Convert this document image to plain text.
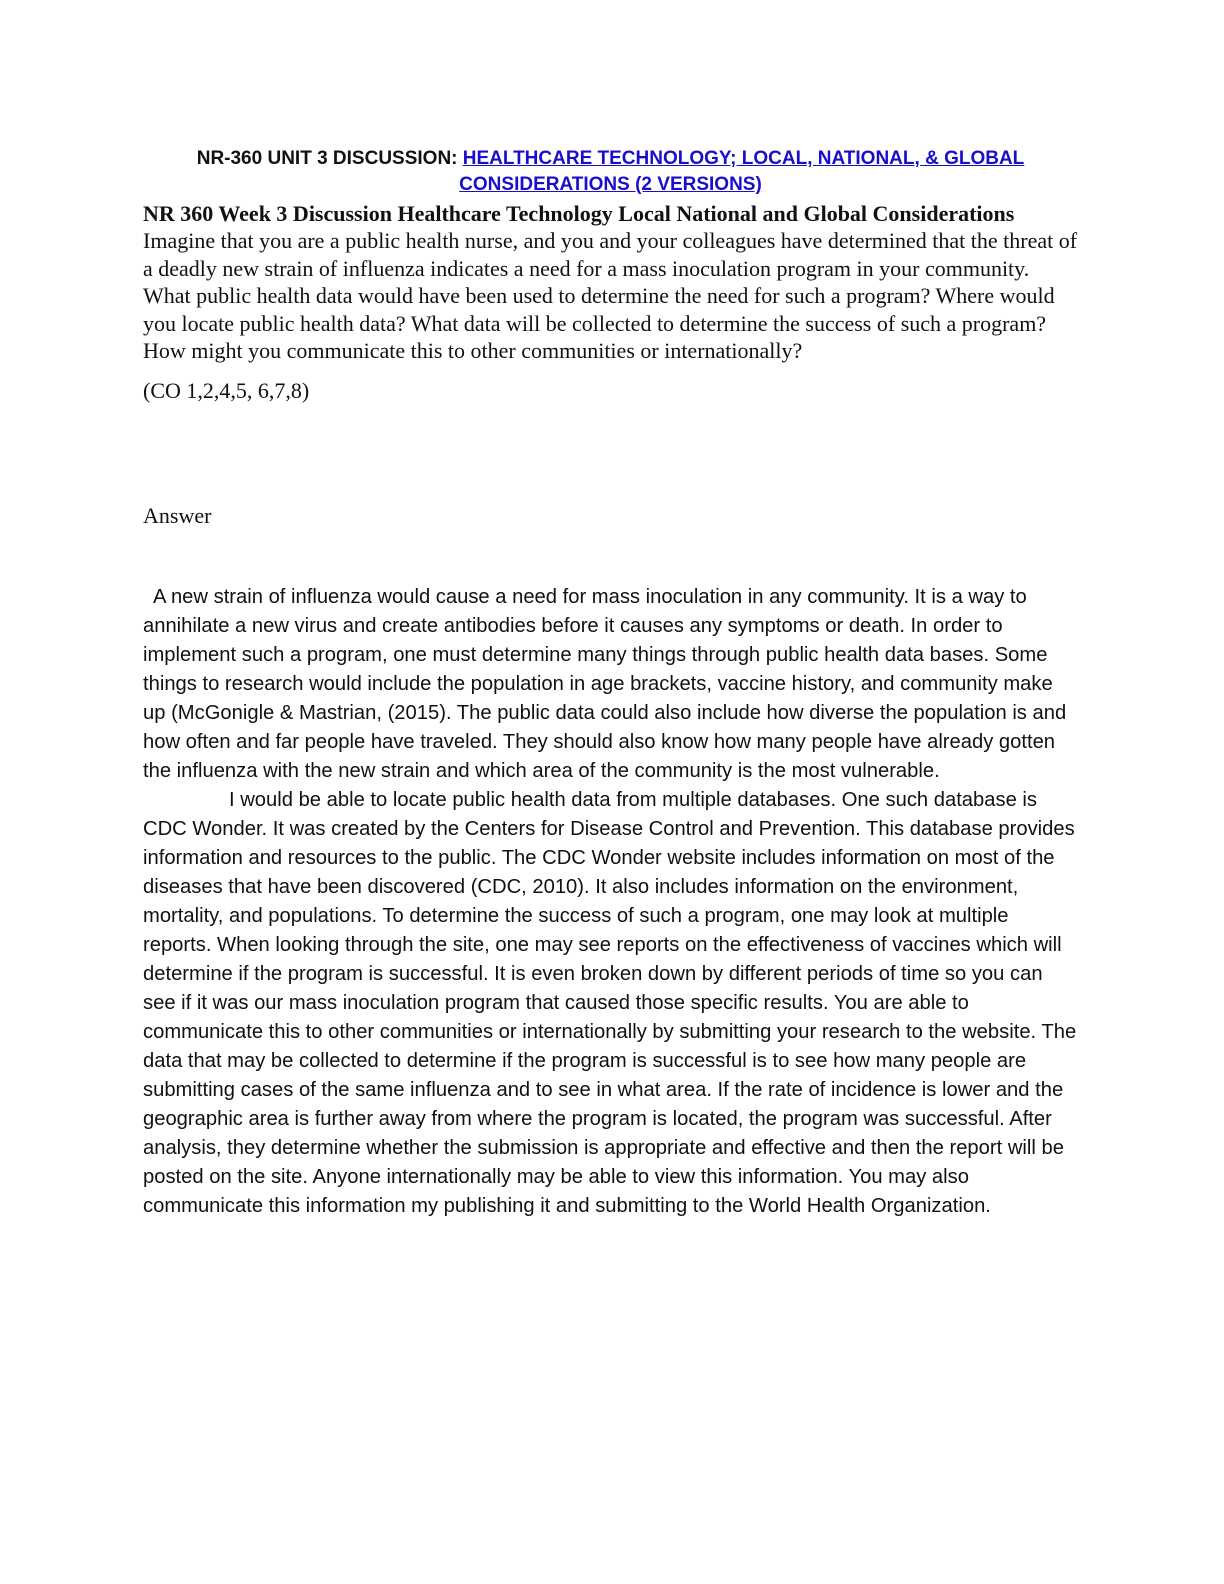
NR-360 UNIT 3 DISCUSSION: HEALTHCARE TECHNOLOGY; LOCAL, NATIONAL, & GLOBAL CONSIDERATIONS (2 VERSIONS)

NR 360 Week 3 Discussion Healthcare Technology Local National and Global Considerations

Imagine that you are a public health nurse, and you and your colleagues have determined that the threat of a deadly new strain of influenza indicates a need for a mass inoculation program in your community. What public health data would have been used to determine the need for such a program? Where would you locate public health data? What data will be collected to determine the success of such a program? How might you communicate this to other communities or internationally?

(CO 1,2,4,5, 6,7,8)

Answer

A new strain of influenza would cause a need for mass inoculation in any community. It is a way to annihilate a new virus and create antibodies before it causes any symptoms or death. In order to implement such a program, one must determine many things through public health data bases. Some things to research would include the population in age brackets, vaccine history, and community make up (McGonigle & Mastrian, (2015). The public data could also include how diverse the population is and how often and far people have traveled. They should also know how many people have already gotten the influenza with the new strain and which area of the community is the most vulnerable.

I would be able to locate public health data from multiple databases. One such database is CDC Wonder. It was created by the Centers for Disease Control and Prevention. This database provides information and resources to the public. The CDC Wonder website includes information on most of the diseases that have been discovered (CDC, 2010). It also includes information on the environment, mortality, and populations. To determine the success of such a program, one may look at multiple reports. When looking through the site, one may see reports on the effectiveness of vaccines which will determine if the program is successful. It is even broken down by different periods of time so you can see if it was our mass inoculation program that caused those specific results. You are able to communicate this to other communities or internationally by submitting your research to the website. The data that may be collected to determine if the program is successful is to see how many people are submitting cases of the same influenza and to see in what area. If the rate of incidence is lower and the geographic area is further away from where the program is located, the program was successful. After analysis, they determine whether the submission is appropriate and effective and then the report will be posted on the site. Anyone internationally may be able to view this information. You may also communicate this information my publishing it and submitting to the World Health Organization.
